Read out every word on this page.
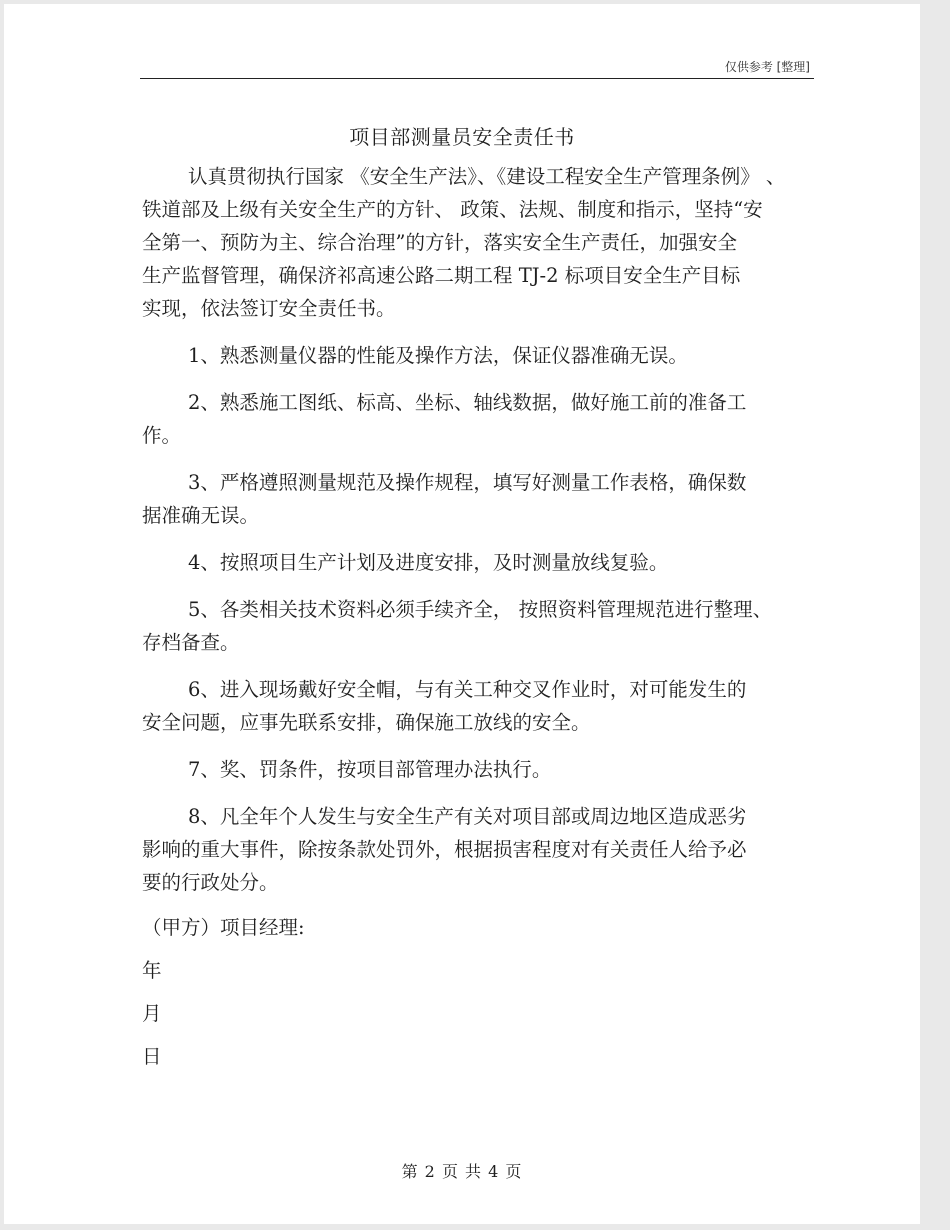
仅供参考 [整理]
项目部测量员安全责任书

认真贯彻执行国家 《安全生产法》、《建设工程安全生产管理条例》 、
铁道部及上级有关安全生产的方针、 政策、法规、制度和指示，坚持“安
全第一、预防为主、综合治理”的方针，落实安全生产责任，加强安全
生产监督管理，确保济祁高速公路二期工程 TJ-2 标项目安全生产目标
实现，依法签订安全责任书。

1、熟悉测量仪器的性能及操作方法，保证仪器准确无误。

2、熟悉施工图纸、标高、坐标、轴线数据，做好施工前的准备工
作。

3、严格遵照测量规范及操作规程，填写好测量工作表格，确保数
据准确无误。

4、按照项目生产计划及进度安排，及时测量放线复验。

5、各类相关技术资料必须手续齐全， 按照资料管理规范进行整理、
存档备查。

6、进入现场戴好安全帽，与有关工种交叉作业时，对可能发生的
安全问题，应事先联系安排，确保施工放线的安全。

7、奖、罚条件，按项目部管理办法执行。

8、凡全年个人发生与安全生产有关对项目部或周边地区造成恶劣
影响的重大事件，除按条款处罚外，根据损害程度对有关责任人给予必
要的行政处分。

（甲方）项目经理:

年

月

日

第 2 页 共 4 页
